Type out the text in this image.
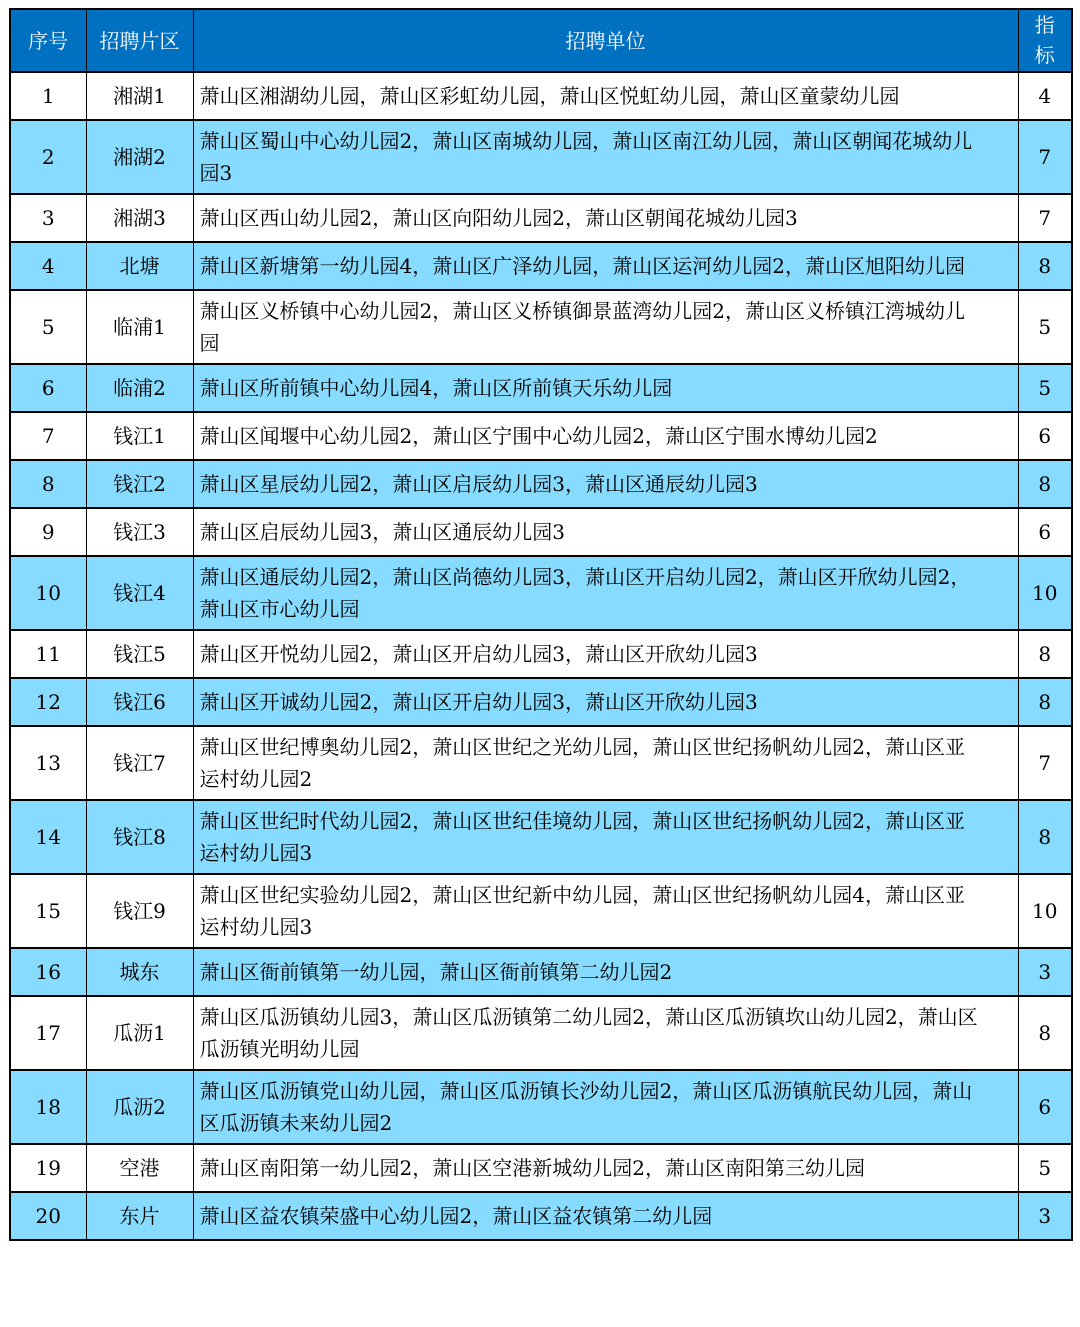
序号	招聘片区	招聘单位	指标
1	湘湖1	萧山区湘湖幼儿园，萧山区彩虹幼儿园，萧山区悦虹幼儿园，萧山区童蒙幼儿园	4
2	湘湖2	萧山区蜀山中心幼儿园2，萧山区南城幼儿园，萧山区南江幼儿园，萧山区朝闻花城幼儿园3	7
3	湘湖3	萧山区西山幼儿园2，萧山区向阳幼儿园2，萧山区朝闻花城幼儿园3	7
4	北塘	萧山区新塘第一幼儿园4，萧山区广泽幼儿园，萧山区运河幼儿园2，萧山区旭阳幼儿园	8
5	临浦1	萧山区义桥镇中心幼儿园2，萧山区义桥镇御景蓝湾幼儿园2，萧山区义桥镇江湾城幼儿园	5
6	临浦2	萧山区所前镇中心幼儿园4，萧山区所前镇天乐幼儿园	5
7	钱江1	萧山区闻堰中心幼儿园2，萧山区宁围中心幼儿园2，萧山区宁围水博幼儿园2	6
8	钱江2	萧山区星辰幼儿园2，萧山区启辰幼儿园3，萧山区通辰幼儿园3	8
9	钱江3	萧山区启辰幼儿园3，萧山区通辰幼儿园3	6
10	钱江4	萧山区通辰幼儿园2，萧山区尚德幼儿园3，萧山区开启幼儿园2，萧山区开欣幼儿园2，萧山区市心幼儿园	10
11	钱江5	萧山区开悦幼儿园2，萧山区开启幼儿园3，萧山区开欣幼儿园3	8
12	钱江6	萧山区开诚幼儿园2，萧山区开启幼儿园3，萧山区开欣幼儿园3	8
13	钱江7	萧山区世纪博奥幼儿园2，萧山区世纪之光幼儿园，萧山区世纪扬帆幼儿园2，萧山区亚运村幼儿园2	7
14	钱江8	萧山区世纪时代幼儿园2，萧山区世纪佳境幼儿园，萧山区世纪扬帆幼儿园2，萧山区亚运村幼儿园3	8
15	钱江9	萧山区世纪实验幼儿园2，萧山区世纪新中幼儿园，萧山区世纪扬帆幼儿园4，萧山区亚运村幼儿园3	10
16	城东	萧山区衙前镇第一幼儿园，萧山区衙前镇第二幼儿园2	3
17	瓜沥1	萧山区瓜沥镇幼儿园3，萧山区瓜沥镇第二幼儿园2，萧山区瓜沥镇坎山幼儿园2，萧山区瓜沥镇光明幼儿园	8
18	瓜沥2	萧山区瓜沥镇党山幼儿园，萧山区瓜沥镇长沙幼儿园2，萧山区瓜沥镇航民幼儿园，萧山区瓜沥镇未来幼儿园2	6
19	空港	萧山区南阳第一幼儿园2，萧山区空港新城幼儿园2，萧山区南阳第三幼儿园	5
20	东片	萧山区益农镇荣盛中心幼儿园2，萧山区益农镇第二幼儿园	3
